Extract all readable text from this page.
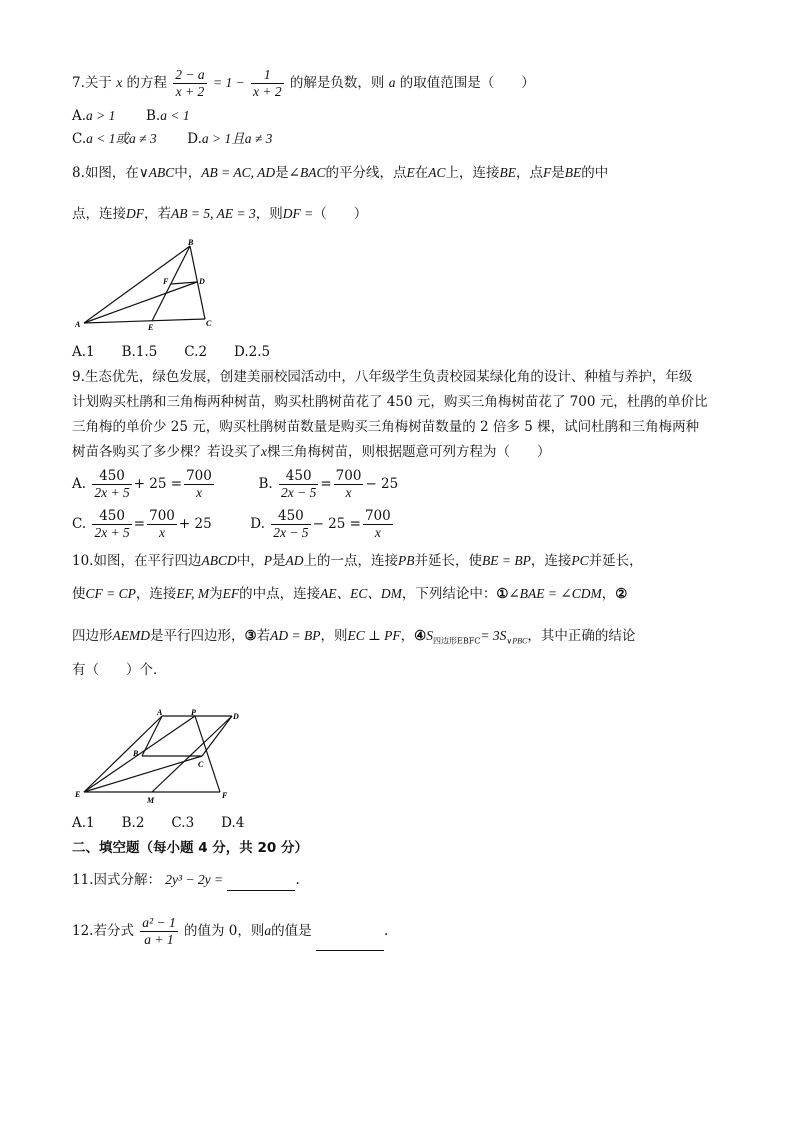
7.关于 x 的方程 $\frac{2 - a}{x + 2} = 1 - \frac{1}{x + 2}$ 的解是负数，则 a 的取值范围是（　　）
A.a > 1 B.a < 1
C.a < 1或a ≠ 3 D.a > 1且a ≠ 3
8.如图，在∨ABC中，AB = AC, AD是∠BAC的平分线，点E在AC上，连接BE，点F是BE的中
点，连接DF，若AB = 5, AE = 3，则DF =（　　）
A
B
C
D
E
F
A.1　　B.1.5　　C.2　　D.2.5
9.生态优先，绿色发展，创建美丽校园活动中，八年级学生负责校园某绿化角的设计、种植与养护，年级
计划购买杜鹃和三角梅两种树苗，购买杜鹃树苗花了 450 元，购买三角梅树苗花了 700 元，杜鹃的单价比
三角梅的单价少 25 元，购买杜鹃树苗数量是购买三角梅树苗数量的 2 倍多 5 棵，试问杜鹃和三角梅两种
树苗各购买了多少棵？若设买了x棵三角梅树苗，则根据题意可列方程为（　　）
A. $\frac{450}{2x + 5} + 25 = \frac{700}{x}$	B. $\frac{450}{2x - 5} = \frac{700}{x} - 25$
C. $\frac{450}{2x + 5} = \frac{700}{x} + 25$	D. $\frac{450}{2x - 5} - 25 = \frac{700}{x}$
10.如图，在平行四边ABCD中，P是AD上的一点，连接PB并延长，使BE = BP，连接PC并延长，
使CF = CP，连接EF, M为EF的中点，连接AE、EC、DM，下列结论中：①∠BAE = ∠CDM，②
四边形AEMD是平行四边形，③若AD = BP，则EC ⊥ PF，$④S_{四边形EBFC}= 3S_{\vee PBC}$，其中正确的结论
有（　　）个．
A	P	D
B
C
E
M
F
A.1　　B.2　　C.3　　D.4
二、填空题（每小题 4 分，共 20 分）
11.因式分解： 2y³ − 2y =	.
12.若分式 $\frac{\text{a² − 1}}{a + 1}$ 的值为 0，则a的值是	.
